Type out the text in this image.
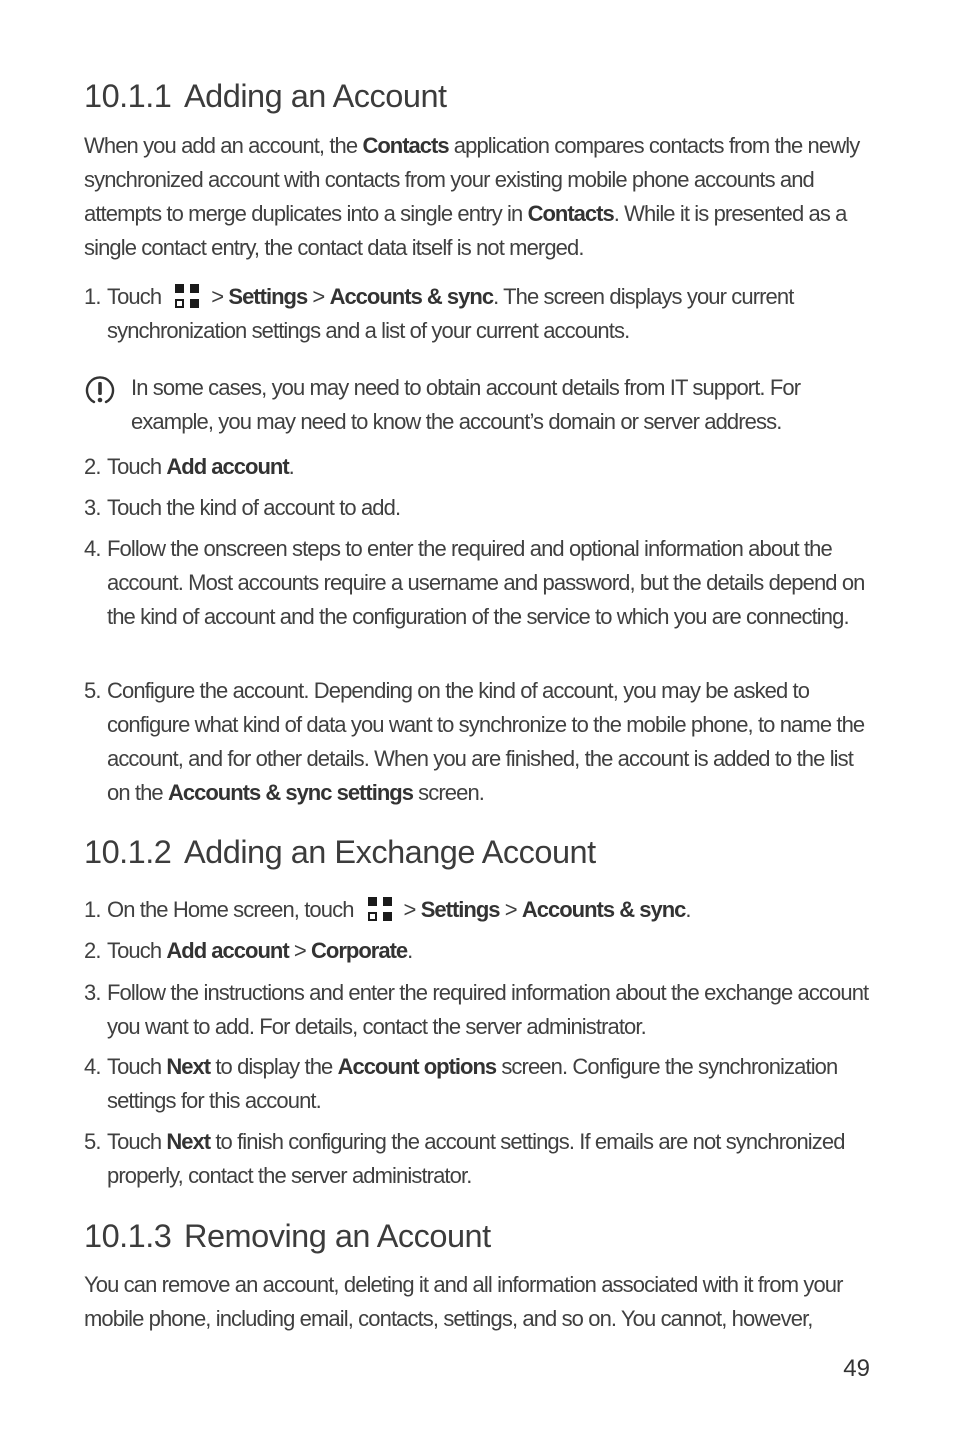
10.1.1 Adding an Account

When you add an account, the Contacts application compares contacts from the newly synchronized account with contacts from your existing mobile phone accounts and attempts to merge duplicates into a single entry in Contacts. While it is presented as a single contact entry, the contact data itself is not merged.

1. Touch > Settings > Accounts & sync. The screen displays your current synchronization settings and a list of your current accounts.
In some cases, you may need to obtain account details from IT support. For example, you may need to know the account’s domain or server address.
2. Touch Add account.
3. Touch the kind of account to add.
4. Follow the onscreen steps to enter the required and optional information about the account. Most accounts require a username and password, but the details depend on the kind of account and the configuration of the service to which you are connecting.
5. Configure the account. Depending on the kind of account, you may be asked to configure what kind of data you want to synchronize to the mobile phone, to name the account, and for other details. When you are finished, the account is added to the list on the Accounts & sync settings screen.
10.1.2 Adding an Exchange Account
1. On the Home screen, touch > Settings > Accounts & sync.
2. Touch Add account > Corporate.
3. Follow the instructions and enter the required information about the exchange account you want to add. For details, contact the server administrator.
4. Touch Next to display the Account options screen. Configure the synchronization settings for this account.
5. Touch Next to finish configuring the account settings. If emails are not synchronized properly, contact the server administrator.
10.1.3 Removing an Account

You can remove an account, deleting it and all information associated with it from your mobile phone, including email, contacts, settings, and so on. You cannot, however,

49
